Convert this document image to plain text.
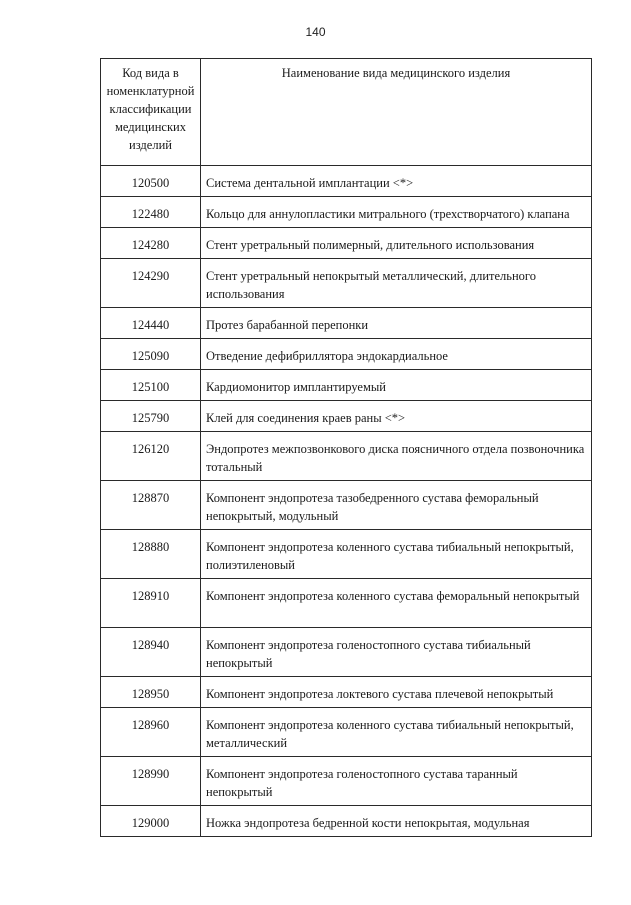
140
Код вида в номенклатурной классификации медицинских изделий	Наименование вида медицинского изделия
120500	Система дентальной имплантации <*>
122480	Кольцо для аннулопластики митрального (трехстворчатого) клапана
124280	Стент уретральный полимерный, длительного использования
124290	Стент уретральный непокрытый металлический, длительного использования
124440	Протез барабанной перепонки
125090	Отведение дефибриллятора эндокардиальное
125100	Кардиомонитор имплантируемый
125790	Клей для соединения краев раны <*>
126120	Эндопротез межпозвонкового диска поясничного отдела позвоночника тотальный
128870	Компонент эндопротеза тазобедренного сустава феморальный непокрытый, модульный
128880	Компонент эндопротеза коленного сустава тибиальный непокрытый, полиэтиленовый
128910	Компонент эндопротеза коленного сустава феморальный непокрытый
128940	Компонент эндопротеза голеностопного сустава тибиальный непокрытый
128950	Компонент эндопротеза локтевого сустава плечевой непокрытый
128960	Компонент эндопротеза коленного сустава тибиальный непокрытый, металлический
128990	Компонент эндопротеза голеностопного сустава таранный непокрытый
129000	Ножка эндопротеза бедренной кости непокрытая, модульная
